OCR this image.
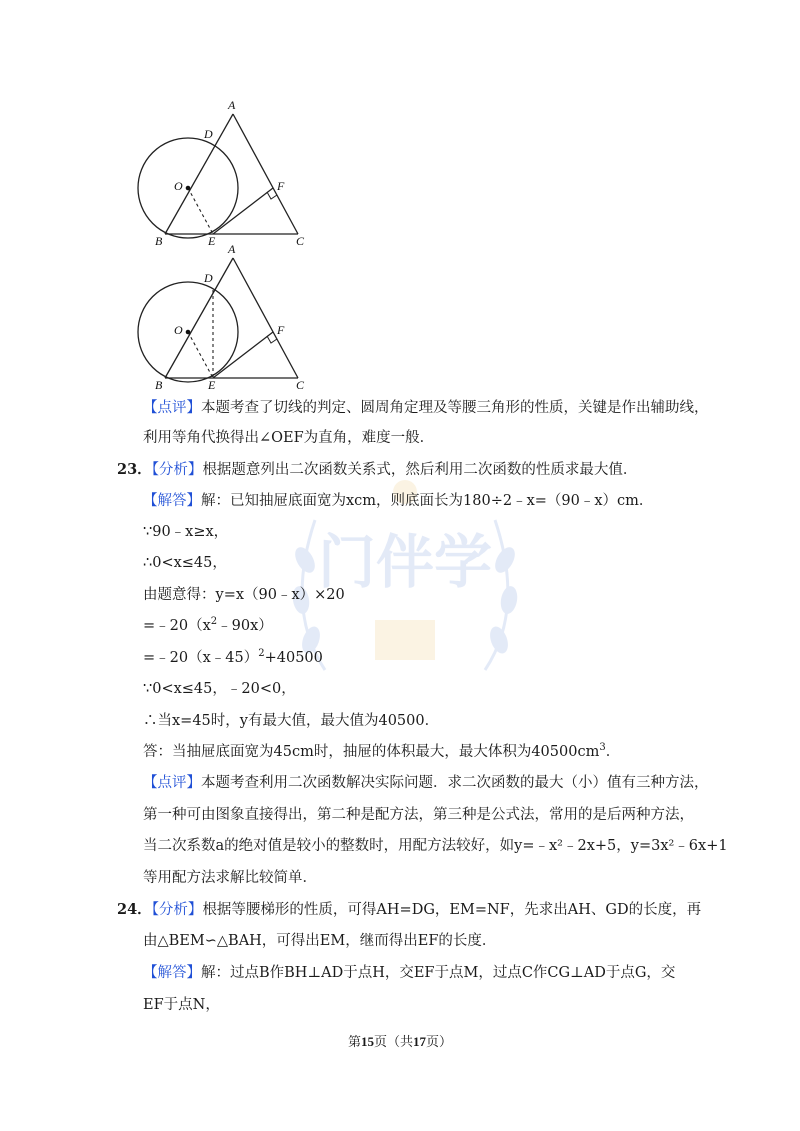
门伴学
A
D
O	F
B	E	C
A
D
O	F
B	E	C
【点评】本题考查了切线的判定、圆周角定理及等腰三角形的性质，关键是作出辅助线，
利用等角代换得出∠OEF为直角，难度一般．
23．【分析】根据题意列出二次函数关系式，然后利用二次函数的性质求最大值．
【解答】解：已知抽屉底面宽为xcm，则底面长为180÷2﹣x=（90﹣x）cm．
∵90﹣x≥x，
∴0<x≤45，
由题意得：y=x（90﹣x）×20
$=﹣20(x^2﹣90x)$
=﹣20（x﹣45）$^2$+40500
∵0<x≤45，﹣20<0，
∴当x=45时，y有最大值，最大值为40500．
答：当抽屉底面宽为45cm时，抽屉的体积最大，最大体积为$40500cm^3$．
【点评】本题考查利用二次函数解决实际问题．求二次函数的最大（小）值有三种方法，
第一种可由图象直接得出，第二种是配方法，第三种是公式法，常用的是后两种方法，
当二次系数a的绝对值是较小的整数时，用配方法较好，如y=﹣x²﹣2x+5，y=3x²﹣6x+1
等用配方法求解比较简单．
24．【分析】根据等腰梯形的性质，可得AH=DG，EM=NF，先求出AH、GD的长度，再
由△BEM∽△BAH，可得出EM，继而得出EF的长度．
【解答】解：过点B作BH⊥AD于点H，交EF于点M，过点C作CG⊥AD于点G，交
EF于点N，
第15页（共17页）
